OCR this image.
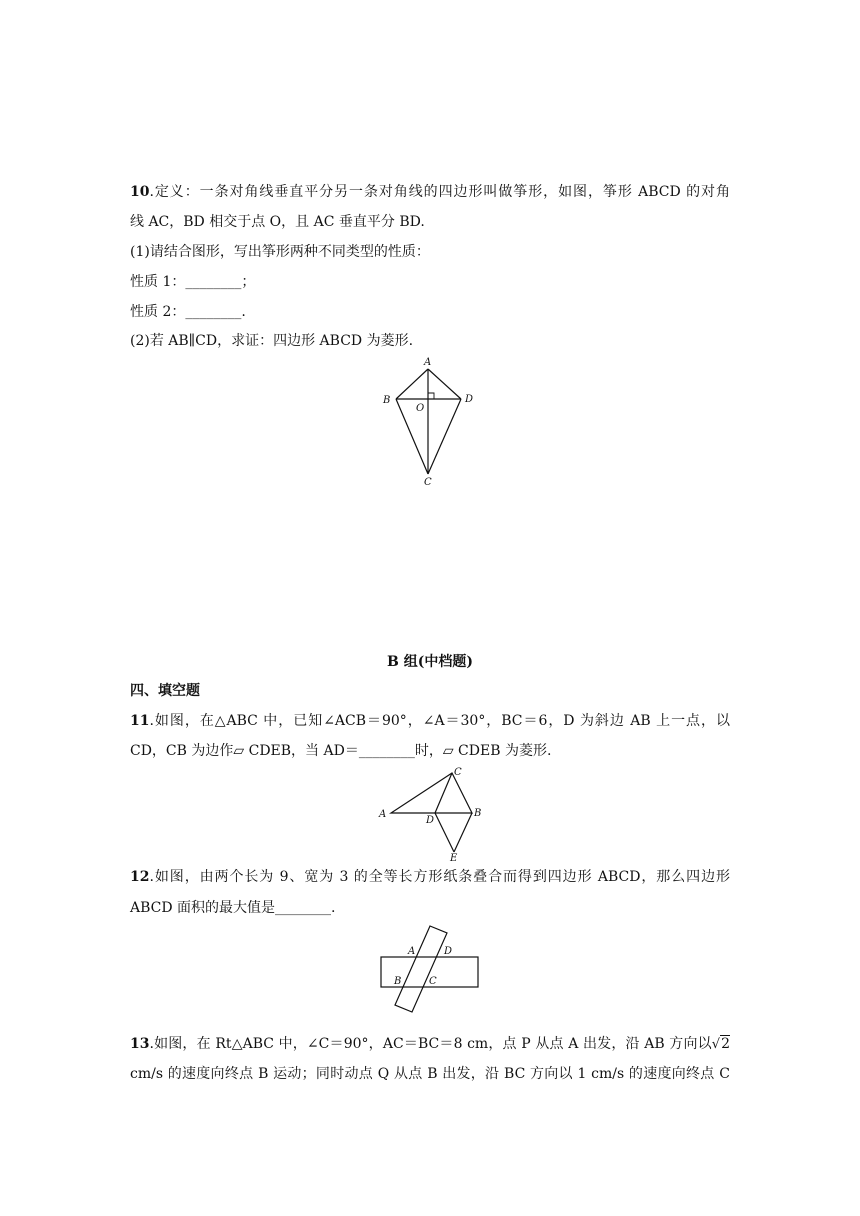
10.定义：一条对角线垂直平分另一条对角线的四边形叫做筝形，如图，筝形 ABCD 的对角
线 AC，BD 相交于点 O，且 AC 垂直平分 BD.
(1)请结合图形，写出筝形两种不同类型的性质：
性质 1：________；
性质 2：________.
(2)若 AB∥CD，求证：四边形 ABCD 为菱形.
A
B
O
D
C
B 组(中档题)
四、填空题
11.如图，在△ABC 中，已知∠ACB＝90°，∠A＝30°，BC＝6，D 为斜边 AB 上一点，以
CD，CB 为边作▱ CDEB，当 AD＝________时，▱ CDEB 为菱形.
C
A
D
B
E
12.如图，由两个长为 9、宽为 3 的全等长方形纸条叠合而得到四边形 ABCD，那么四边形
ABCD 面积的最大值是________.
A	D
B	C
13.如图，在 Rt△ABC 中，∠C＝90°，AC＝BC＝8 cm，点 P 从点 A 出发，沿 AB 方向以√2
cm/s 的速度向终点 B 运动；同时动点 Q 从点 B 出发，沿 BC 方向以 1 cm/s 的速度向终点 C
